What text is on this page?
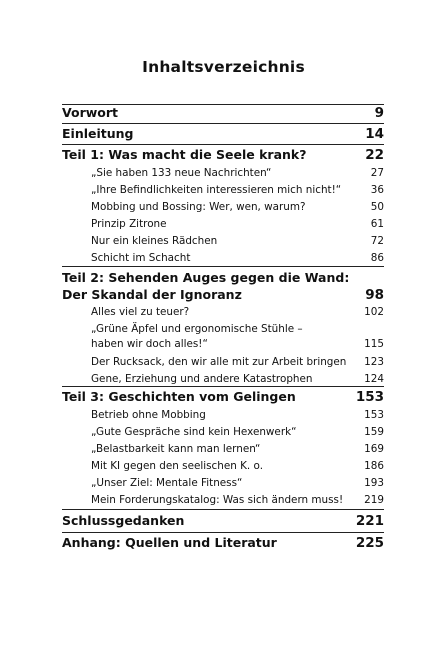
Inhaltsverzeichnis
Vorwort	9
Einleitung	14
Teil 1: Was macht die Seele krank?	22
„Sie haben 133 neue Nachrichten“	27
„Ihre Befindlichkeiten interessieren mich nicht!“	36
Mobbing und Bossing: Wer, wen, warum?	50
Prinzip Zitrone	61
Nur ein kleines Rädchen	72
Schicht im Schacht	86
Teil 2: Sehenden Auges gegen die Wand:
Der Skandal der Ignoranz	98
Alles viel zu teuer?	102
„Grüne Äpfel und ergonomische Stühle –
haben wir doch alles!“	115
Der Rucksack, den wir alle mit zur Arbeit bringen 123
Gene, Erziehung und andere Katastrophen	124
Teil 3: Geschichten vom Gelingen	153
Betrieb ohne Mobbing	153
„Gute Gespräche sind kein Hexenwerk“	159
„Belastbarkeit kann man lernen“	169
Mit KI gegen den seelischen K. o.	186
„Unser Ziel: Mentale Fitness“	193
Mein Forderungskatalog: Was sich ändern muss! 219
Schlussgedanken	221
Anhang: Quellen und Literatur	225
